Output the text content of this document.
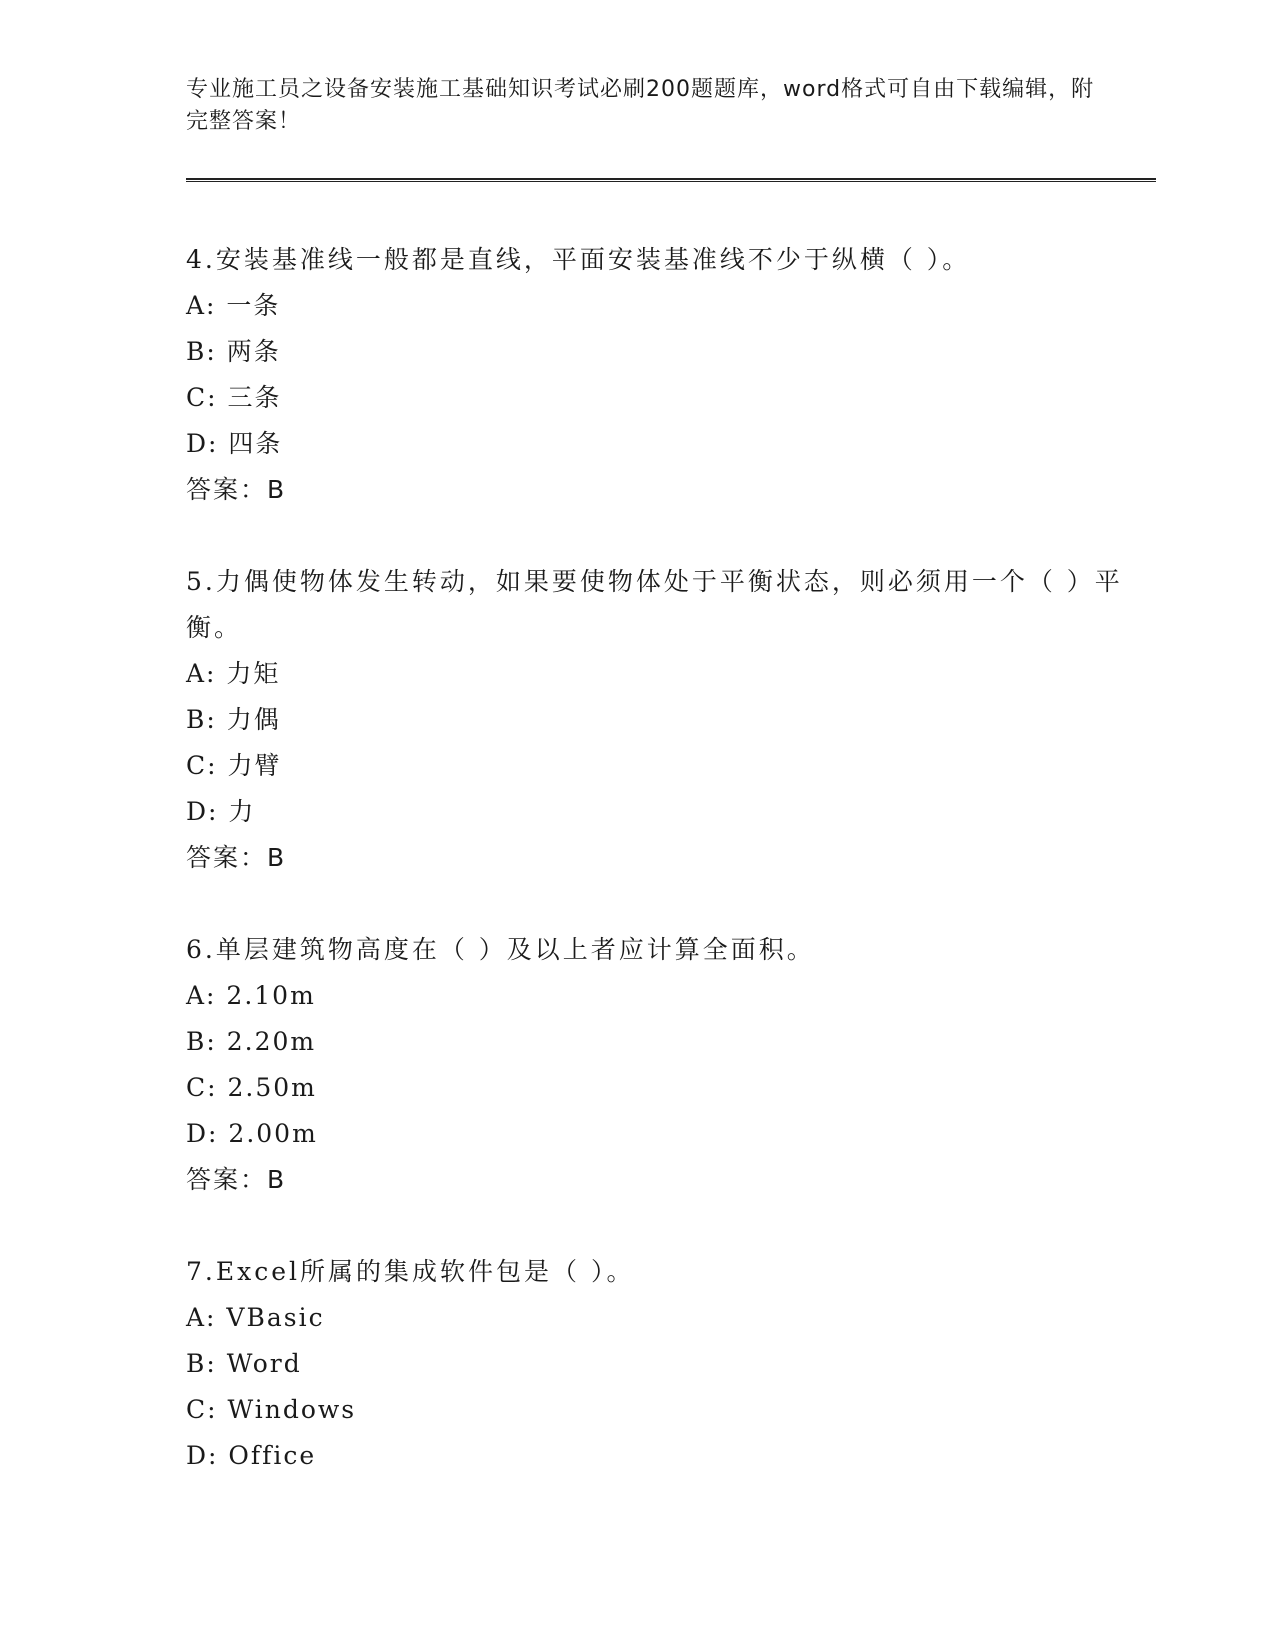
专业施工员之设备安装施工基础知识考试必刷200题题库，word格式可自由下载编辑，附完整答案！

4.安装基准线一般都是直线，平面安装基准线不少于纵横（ ）。

A: 一条

B: 两条

C: 三条

D: 四条

答案：B

5.力偶使物体发生转动，如果要使物体处于平衡状态，则必须用一个（ ）平衡。

A: 力矩

B: 力偶

C: 力臂

D: 力

答案：B

6.单层建筑物高度在（ ）及以上者应计算全面积。

A: 2.10m

B: 2.20m

C: 2.50m

D: 2.00m

答案：B

7.Excel所属的集成软件包是（ ）。

A: VBasic

B: Word

C: Windows

D: Office
